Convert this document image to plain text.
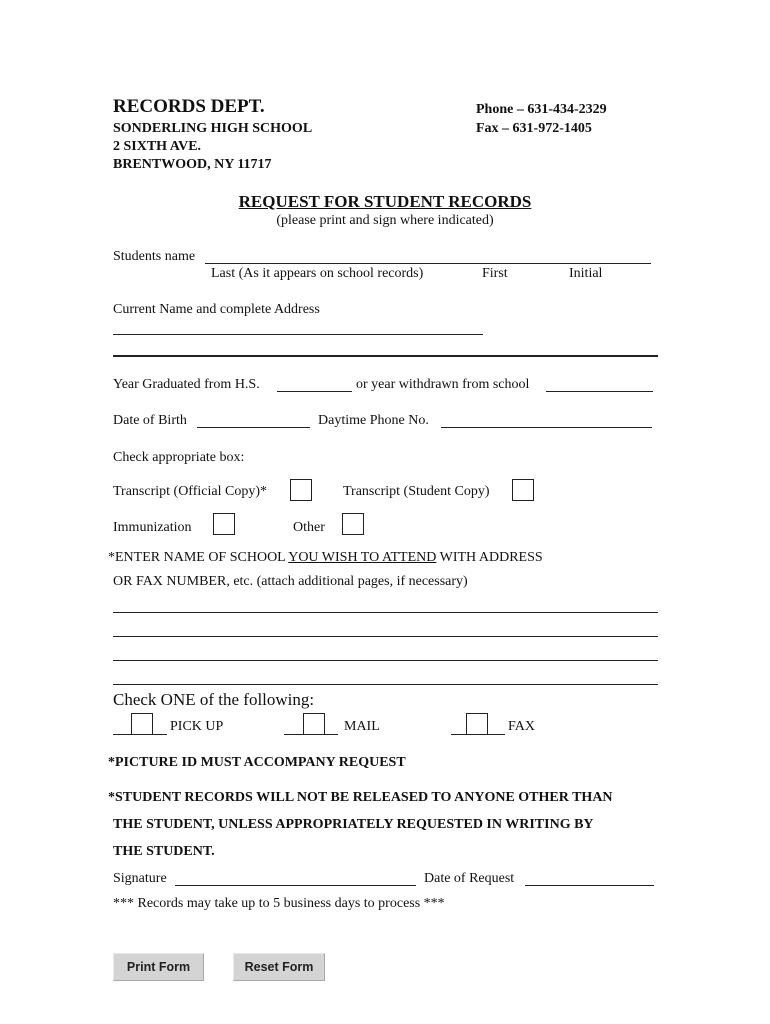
RECORDS DEPT.
SONDERLING HIGH SCHOOL
2 SIXTH AVE.
BRENTWOOD, NY 11717
Phone – 631-434-2329
Fax – 631-972-1405
REQUEST FOR STUDENT RECORDS
(please print and sign where indicated)
Students name
Last (As it appears on school records)	First	Initial
Current Name and complete Address
Year Graduated from H.S.	or year withdrawn from school
Date of Birth	Daytime Phone No.
Check appropriate box:
Transcript (Official Copy)*	Transcript (Student Copy)
Immunization	Other
*ENTER NAME OF SCHOOL YOU WISH TO ATTEND WITH ADDRESS
OR FAX NUMBER, etc. (attach additional pages, if necessary)
Check ONE of the following:
PICK UP	MAIL	FAX
*PICTURE ID MUST ACCOMPANY REQUEST
*STUDENT RECORDS WILL NOT BE RELEASED TO ANYONE OTHER THAN
THE STUDENT, UNLESS APPROPRIATELY REQUESTED IN WRITING BY
THE STUDENT.
Signature	Date of Request
*** Records may take up to 5 business days to process ***
Print Form	Reset Form
